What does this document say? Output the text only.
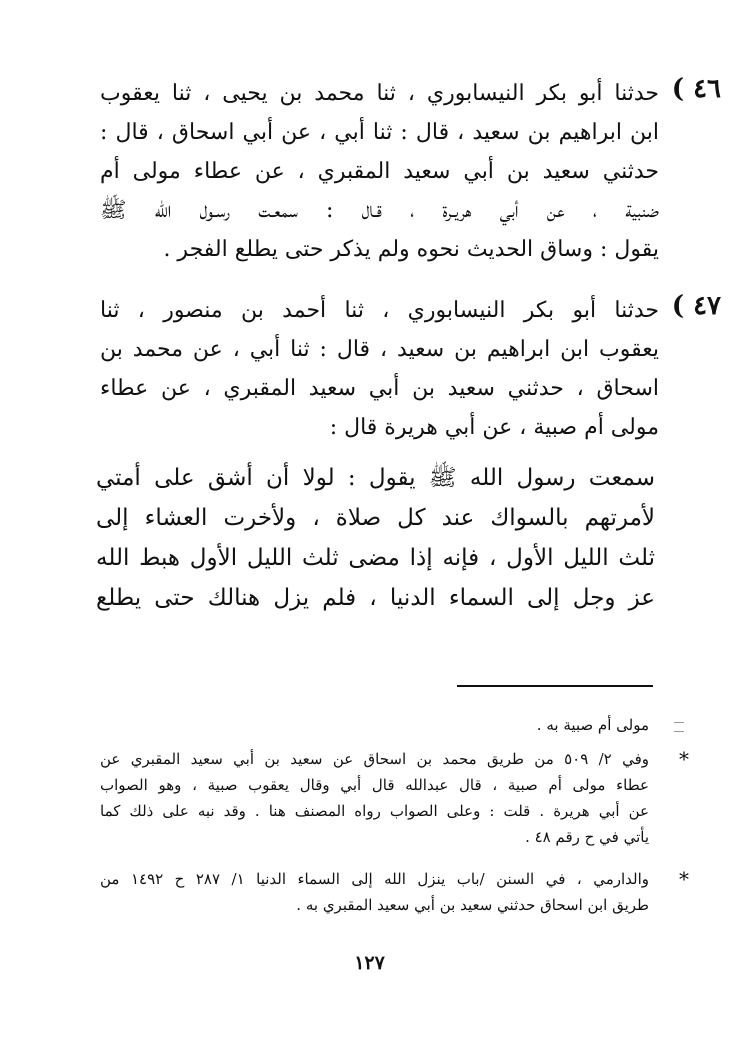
٤٦ )

حدثنا أبو بكر النيسابوري ، ثنا محمد بن يحيى ، ثنا يعقوب

ابن ابراهيم بن سعيد ، قال : ثنا أبي ، عن أبي اسحاق ، قال :

حدثني سعيد بن أبي سعيد المقبري ، عن عطاء مولى أم

ضنبية ، عن أبي هريـرة ، قـال : سمعـت رسـول الله ﷺ

يقول : وساق الحديث نحوه ولم يذكر حتى يطلع الفجر .

٤٧ )

حدثنا أبو بكر النيسابوري ، ثنا أحمد بن منصور ، ثنا

يعقوب ابن ابراهيم بن سعيد ، قال : ثنا أبي ، عن محمد بن

اسحاق ، حدثني سعيد بن أبي سعيد المقبري ، عن عطاء

مولى أم صبية ، عن أبي هريرة قال :

سمعت رسول الله ﷺ يقول : لولا أن أشق على أمتي

لأمرتهم بالسواك عند كل صلاة ، ولأخرت العشاء إلى

ثلث الليل الأول ، فإنه إذا مضى ثلث الليل الأول هبط الله

عز وجل إلى السماء الدنيا ، فلم يزل هنالك حتى يطلع

مولى أم صبية به .

*

وفي ٢/ ٥٠٩ من طريق محمد بن اسحاق عن سعيد بن أبي سعيد المقبري عن

عطاء مولى أم صبية ، قال عبدالله قال أبي وقال يعقوب صبية ، وهو الصواب

عن أبي هريرة . قلت : وعلى الصواب رواه المصنف هنا . وقد نبه على ذلك كما

يأتي في ح رقم ٤٨ .

*

والدارمي ، في السنن /باب ينزل الله إلى السماء الدنيا ١/ ٢٨٧ ح ١٤٩٢ من

طريق ابن اسحاق حدثني سعيد بن أبي سعيد المقبري به .

١٢٧
